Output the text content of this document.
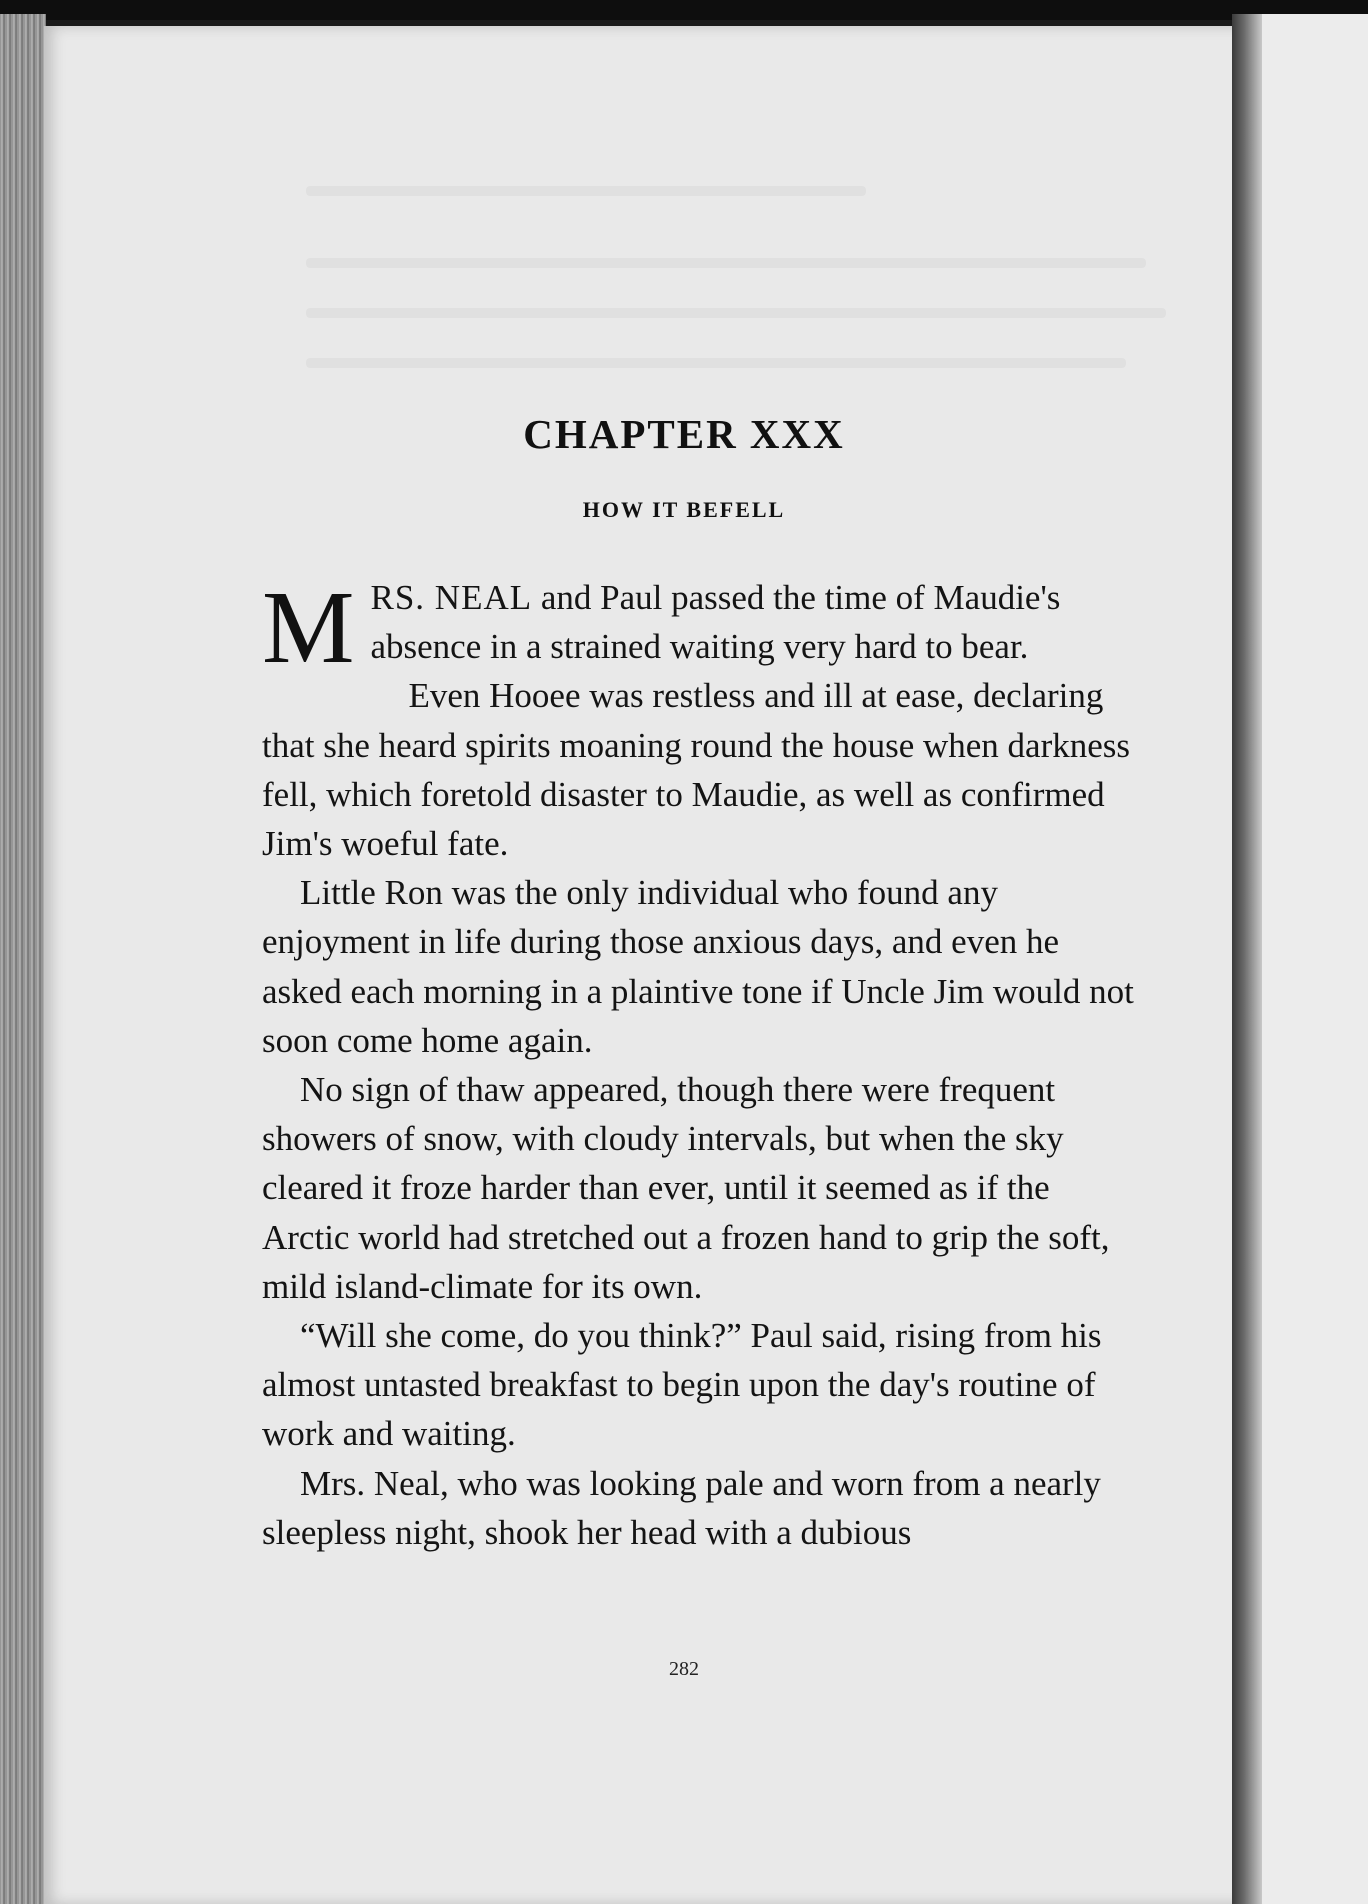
CHAPTER XXX
HOW IT BEFELL

MRS. NEAL and Paul passed the time of Maudie's absence in a strained waiting very hard to bear.

Even Hooee was restless and ill at ease, declaring that she heard spirits moaning round the house when darkness fell, which foretold disaster to Maudie, as well as confirmed Jim's woeful fate.

Little Ron was the only individual who found any enjoyment in life during those anxious days, and even he asked each morning in a plaintive tone if Uncle Jim would not soon come home again.

No sign of thaw appeared, though there were frequent showers of snow, with cloudy intervals, but when the sky cleared it froze harder than ever, until it seemed as if the Arctic world had stretched out a frozen hand to grip the soft, mild island-climate for its own.

“Will she come, do you think?” Paul said, rising from his almost untasted breakfast to begin upon the day's routine of work and waiting.

Mrs. Neal, who was looking pale and worn from a nearly sleepless night, shook her head with a dubious

282
